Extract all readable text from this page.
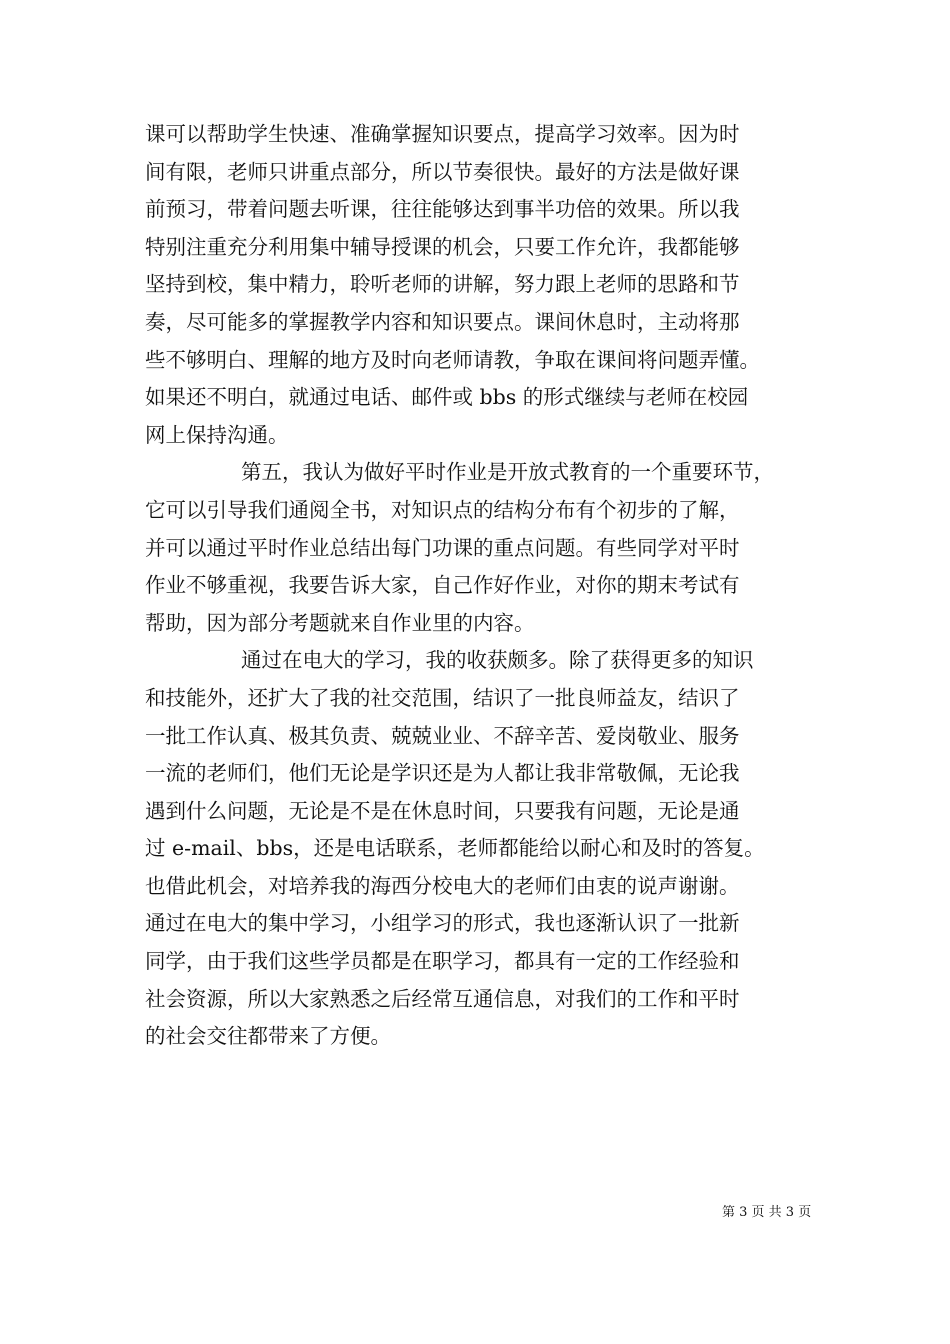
课可以帮助学生快速、准确掌握知识要点，提高学习效率。因为时
间有限，老师只讲重点部分，所以节奏很快。最好的方法是做好课
前预习，带着问题去听课，往往能够达到事半功倍的效果。所以我
特别注重充分利用集中辅导授课的机会，只要工作允许，我都能够
坚持到校，集中精力，聆听老师的讲解，努力跟上老师的思路和节
奏，尽可能多的掌握教学内容和知识要点。课间休息时，主动将那
些不够明白、理解的地方及时向老师请教，争取在课间将问题弄懂。
如果还不明白，就通过电话、邮件或 bbs 的形式继续与老师在校园
网上保持沟通。
第五，我认为做好平时作业是开放式教育的一个重要环节，
它可以引导我们通阅全书，对知识点的结构分布有个初步的了解，
并可以通过平时作业总结出每门功课的重点问题。有些同学对平时
作业不够重视，我要告诉大家，自己作好作业，对你的期末考试有
帮助，因为部分考题就来自作业里的内容。
通过在电大的学习，我的收获颇多。除了获得更多的知识
和技能外，还扩大了我的社交范围，结识了一批良师益友，结识了
一批工作认真、极其负责、兢兢业业、不辞辛苦、爱岗敬业、服务
一流的老师们，他们无论是学识还是为人都让我非常敬佩，无论我
遇到什么问题，无论是不是在休息时间，只要我有问题，无论是通
过 e-mail、bbs，还是电话联系，老师都能给以耐心和及时的答复。
也借此机会，对培养我的海西分校电大的老师们由衷的说声谢谢。
通过在电大的集中学习，小组学习的形式，我也逐渐认识了一批新
同学，由于我们这些学员都是在职学习，都具有一定的工作经验和
社会资源，所以大家熟悉之后经常互通信息，对我们的工作和平时
的社会交往都带来了方便。
第 3 页 共 3 页
